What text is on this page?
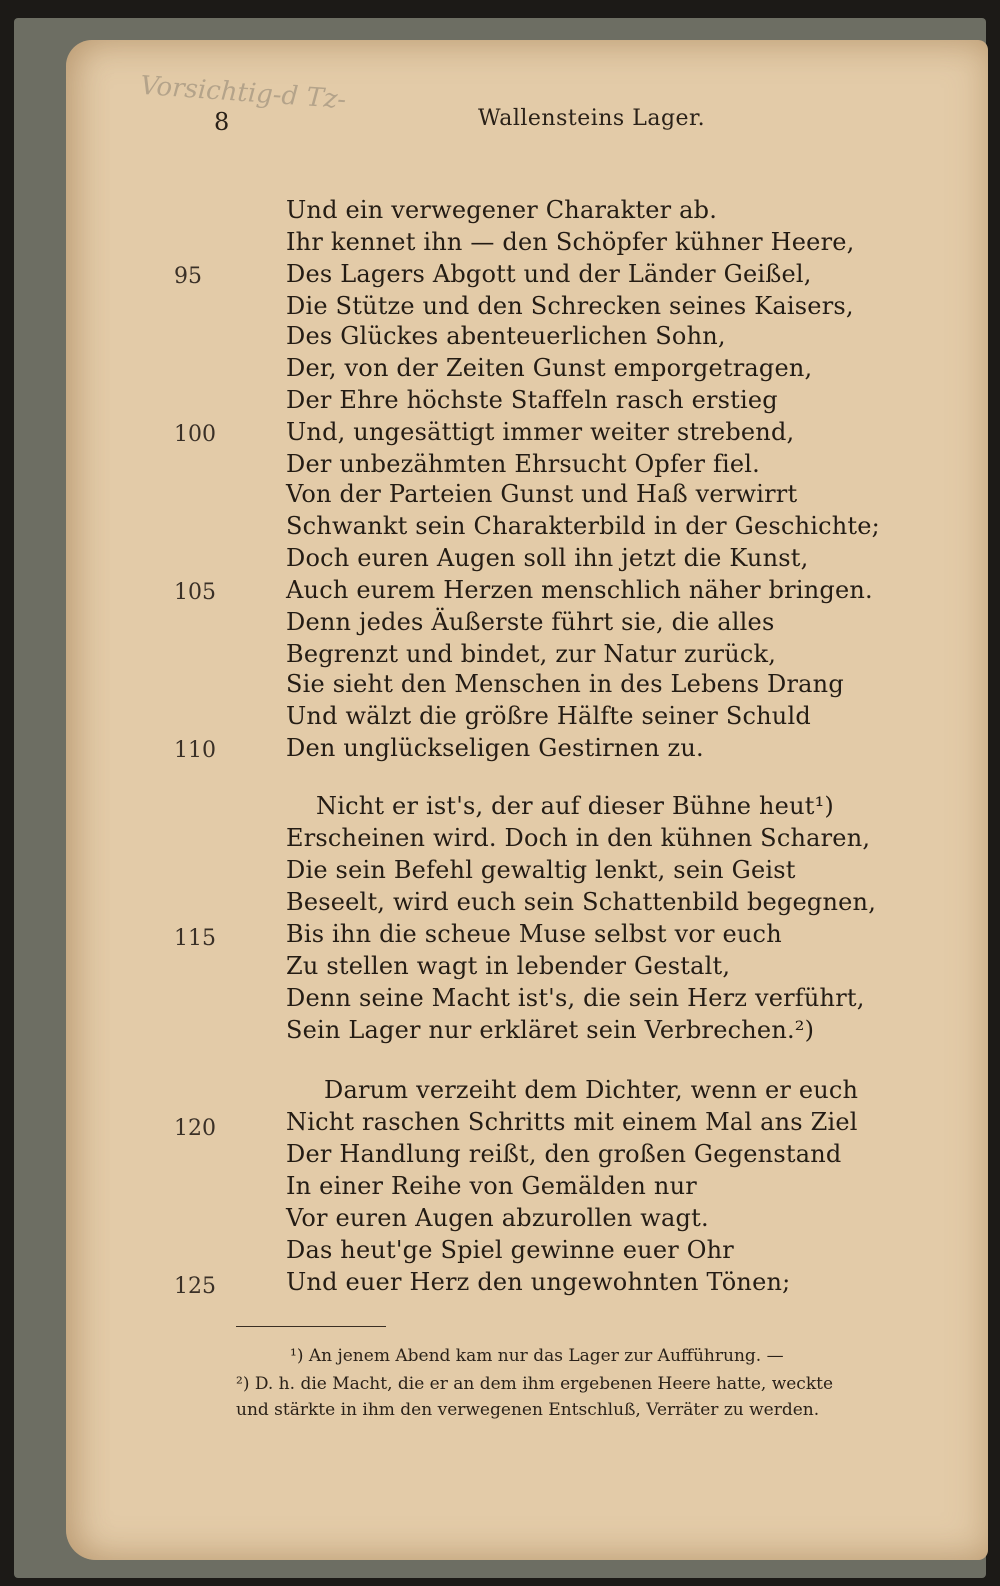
Vorsichtig-d Tz-
8	Wallensteins Lager.
95
100
105
110
115
120
125
Und ein verwegener Charakter ab.
Ihr kennet ihn — den Schöpfer kühner Heere,
Des Lagers Abgott und der Länder Geißel,
Die Stütze und den Schrecken seines Kaisers,
Des Glückes abenteuerlichen Sohn,
Der, von der Zeiten Gunst emporgetragen,
Der Ehre höchste Staffeln rasch erstieg
Und, ungesättigt immer weiter strebend,
Der unbezähmten Ehrsucht Opfer fiel.
Von der Parteien Gunst und Haß verwirrt
Schwankt sein Charakterbild in der Geschichte;
Doch euren Augen soll ihn jetzt die Kunst,
Auch eurem Herzen menschlich näher bringen.
Denn jedes Äußerste führt sie, die alles
Begrenzt und bindet, zur Natur zurück,
Sie sieht den Menschen in des Lebens Drang
Und wälzt die größre Hälfte seiner Schuld
Den unglückseligen Gestirnen zu.
Nicht er ist's, der auf dieser Bühne heut¹)
Erscheinen wird. Doch in den kühnen Scharen,
Die sein Befehl gewaltig lenkt, sein Geist
Beseelt, wird euch sein Schattenbild begegnen,
Bis ihn die scheue Muse selbst vor euch
Zu stellen wagt in lebender Gestalt,
Denn seine Macht ist's, die sein Herz verführt,
Sein Lager nur erkläret sein Verbrechen.²)
Darum verzeiht dem Dichter, wenn er euch
Nicht raschen Schritts mit einem Mal ans Ziel
Der Handlung reißt, den großen Gegenstand
In einer Reihe von Gemälden nur
Vor euren Augen abzurollen wagt.
Das heut'ge Spiel gewinne euer Ohr
Und euer Herz den ungewohnten Tönen;
¹) An jenem Abend kam nur das Lager zur Aufführung. —
²) D. h. die Macht, die er an dem ihm ergebenen Heere hatte, weckte
und stärkte in ihm den verwegenen Entschluß, Verräter zu werden.
